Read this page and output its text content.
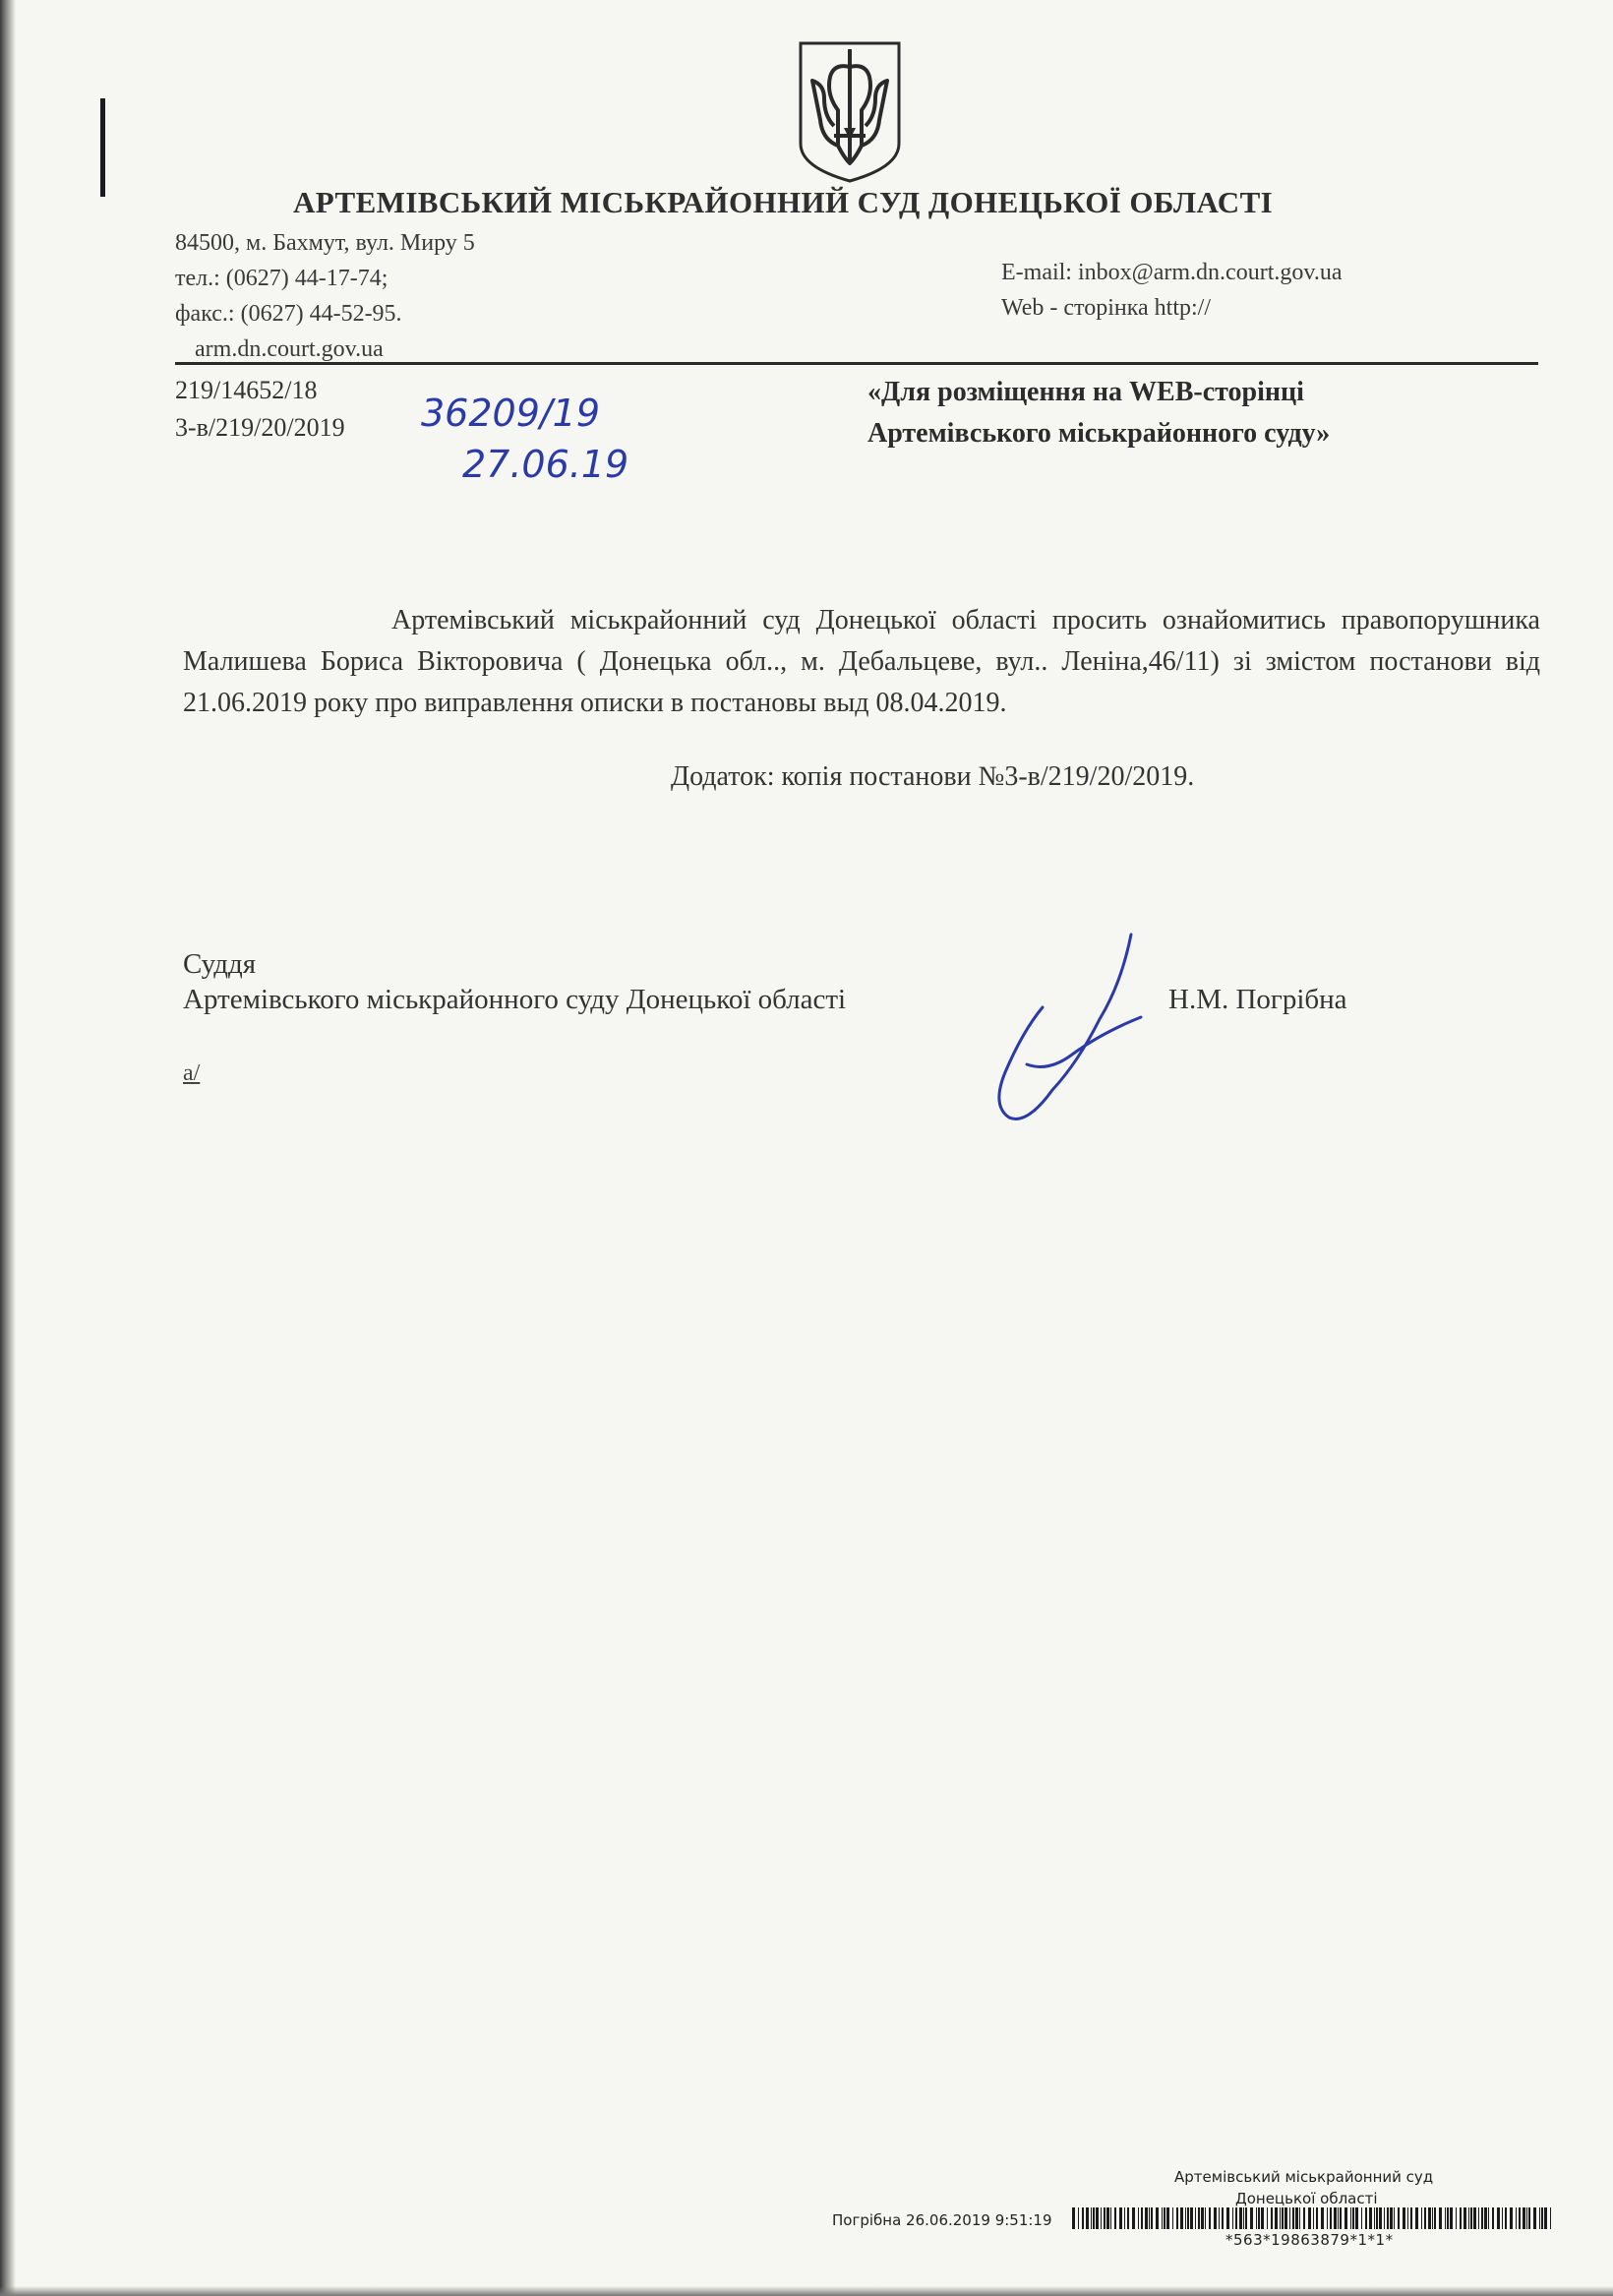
АРТЕМІВСЬКИЙ МІСЬКРАЙОННИЙ СУД ДОНЕЦЬКОЇ ОБЛАСТІ
84500, м. Бахмут, вул. Миру 5
тел.: (0627) 44-17-74;
факс.: (0627) 44-52-95.
arm.dn.court.gov.ua
E-mail: inbox@arm.dn.court.gov.ua
Web - сторінка http://
219/14652/18
3-в/219/20/2019 36209/19
27.06.19
«Для розміщення на WEB-сторінці
Артемівського міськрайонного суду»
Артемівський міськрайонний суд Донецької області просить ознайомитись правопорушника Малишева Бориса Вікторовича ( Донецька обл.., м. Дебальцеве, вул.. Леніна,46/11) зі змістом постанови від 21.06.2019 року про виправлення описки в постановы выд 08.04.2019.
Додаток: копія постанови №3-в/219/20/2019.
Суддя
Артемівського міськрайонного суду Донецької області	Н.М. Погрібна
а/
Артемівський міськрайонний суд
Донецької області
Погрібна 26.06.2019 9:51:19
*563*19863879*1*1*
